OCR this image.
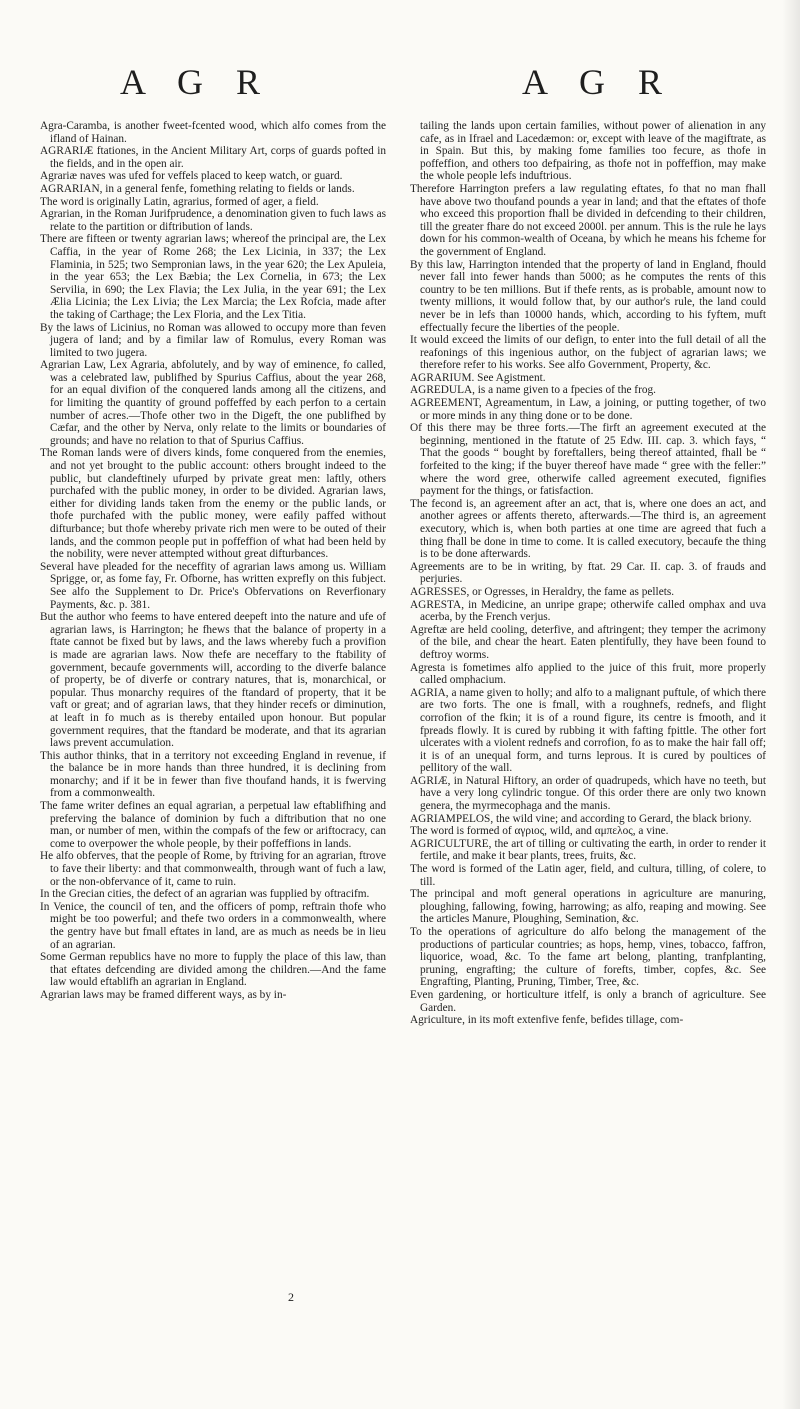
A G R	A G R

Agra-Caramba, is another fweet-fcented wood, which alfo comes from the ifland of Hainan.

AGRARIÆ ftationes, in the Ancient Military Art, corps of guards pofted in the fields, and in the open air.

Agrariæ naves was ufed for veffels placed to keep watch, or guard.

AGRARIAN, in a general fenfe, fomething relating to fields or lands.

The word is originally Latin, agrarius, formed of ager, a field.

Agrarian, in the Roman Jurifprudence, a denomination given to fuch laws as relate to the partition or diftribution of lands.

There are fifteen or twenty agrarian laws; whereof the principal are, the Lex Caffia, in the year of Rome 268; the Lex Licinia, in 337; the Lex Flaminia, in 525; two Sempronian laws, in the year 620; the Lex Apuleia, in the year 653; the Lex Bæbia; the Lex Cornelia, in 673; the Lex Servilia, in 690; the Lex Flavia; the Lex Julia, in the year 691; the Lex Ælia Licinia; the Lex Livia; the Lex Marcia; the Lex Rofcia, made after the taking of Carthage; the Lex Floria, and the Lex Titia.

By the laws of Licinius, no Roman was allowed to occupy more than feven jugera of land; and by a fimilar law of Romulus, every Roman was limited to two jugera.

Agrarian Law, Lex Agraria, abfolutely, and by way of eminence, fo called, was a celebrated law, publifhed by Spurius Caffius, about the year 268, for an equal divifion of the conquered lands among all the citizens, and for limiting the quantity of ground poffeffed by each perfon to a certain number of acres.—Thofe other two in the Digeft, the one publifhed by Cæfar, and the other by Nerva, only relate to the limits or boundaries of grounds; and have no relation to that of Spurius Caffius.

The Roman lands were of divers kinds, fome conquered from the enemies, and not yet brought to the public account: others brought indeed to the public, but clandeftinely ufurped by private great men: laftly, others purchafed with the public money, in order to be divided. Agrarian laws, either for dividing lands taken from the enemy or the public lands, or thofe purchafed with the public money, were eafily paffed without difturbance; but thofe whereby private rich men were to be outed of their lands, and the common people put in poffeffion of what had been held by the nobility, were never attempted without great difturbances.

Several have pleaded for the neceffity of agrarian laws among us. William Sprigge, or, as fome fay, Fr. Ofborne, has written exprefly on this fubject. See alfo the Supplement to Dr. Price's Obfervations on Reverfionary Payments, &c. p. 381.

But the author who feems to have entered deepeft into the nature and ufe of agrarian laws, is Harrington; he fhews that the balance of property in a ftate cannot be fixed but by laws, and the laws whereby fuch a provifion is made are agrarian laws. Now thefe are neceffary to the ftability of government, becaufe governments will, according to the diverfe balance of property, be of diverfe or contrary natures, that is, monarchical, or popular. Thus monarchy requires of the ftandard of property, that it be vaft or great; and of agrarian laws, that they hinder recefs or diminution, at leaft in fo much as is thereby entailed upon honour. But popular government requires, that the ftandard be moderate, and that its agrarian laws prevent accumulation.

This author thinks, that in a territory not exceeding England in revenue, if the balance be in more hands than three hundred, it is declining from monarchy; and if it be in fewer than five thoufand hands, it is fwerving from a commonwealth.

The fame writer defines an equal agrarian, a perpetual law eftablifhing and preferving the balance of dominion by fuch a diftribution that no one man, or number of men, within the compafs of the few or ariftocracy, can come to overpower the whole people, by their poffeffions in lands.

He alfo obferves, that the people of Rome, by ftriving for an agrarian, ftrove to fave their liberty: and that commonwealth, through want of fuch a law, or the non-obfervance of it, came to ruin.

In the Grecian cities, the defect of an agrarian was fupplied by oftracifm.

In Venice, the council of ten, and the officers of pomp, reftrain thofe who might be too powerful; and thefe two orders in a commonwealth, where the gentry have but fmall eftates in land, are as much as needs be in lieu of an agrarian.

Some German republics have no more to fupply the place of this law, than that eftates defcending are divided among the children.—And the fame law would eftablifh an agrarian in England.

Agrarian laws may be framed different ways, as by in-

tailing the lands upon certain families, without power of alienation in any cafe, as in Ifrael and Lacedæmon: or, except with leave of the magiftrate, as in Spain. But this, by making fome families too fecure, as thofe in poffeffion, and others too defpairing, as thofe not in poffeffion, may make the whole people lefs induftrious.

Therefore Harrington prefers a law regulating eftates, fo that no man fhall have above two thoufand pounds a year in land; and that the eftates of thofe who exceed this proportion fhall be divided in defcending to their children, till the greater fhare do not exceed 2000l. per annum. This is the rule he lays down for his common-wealth of Oceana, by which he means his fcheme for the government of England.

By this law, Harrington intended that the property of land in England, fhould never fall into fewer hands than 5000; as he computes the rents of this country to be ten millions. But if thefe rents, as is probable, amount now to twenty millions, it would follow that, by our author's rule, the land could never be in lefs than 10000 hands, which, according to his fyftem, muft effectually fecure the liberties of the people.

It would exceed the limits of our defign, to enter into the full detail of all the reafonings of this ingenious author, on the fubject of agrarian laws; we therefore refer to his works. See alfo Government, Property, &c.

AGRARIUM. See Agistment.

AGREDULA, is a name given to a fpecies of the frog.

AGREEMENT, Agreamentum, in Law, a joining, or putting together, of two or more minds in any thing done or to be done.

Of this there may be three forts.—The firft an agreement executed at the beginning, mentioned in the ftatute of 25 Edw. III. cap. 3. which fays, “ That the goods “ bought by foreftallers, being thereof attainted, fhall be “ forfeited to the king; if the buyer thereof have made “ gree with the feller:” where the word gree, otherwife called agreement executed, fignifies payment for the things, or fatisfaction.

The fecond is, an agreement after an act, that is, where one does an act, and another agrees or affents thereto, afterwards.—The third is, an agreement executory, which is, when both parties at one time are agreed that fuch a thing fhall be done in time to come. It is called executory, becaufe the thing is to be done afterwards.

Agreements are to be in writing, by ftat. 29 Car. II. cap. 3. of frauds and perjuries.

AGRESSES, or Ogresses, in Heraldry, the fame as pellets.

AGRESTA, in Medicine, an unripe grape; otherwife called omphax and uva acerba, by the French verjus.

Agreftæ are held cooling, deterfive, and aftringent; they temper the acrimony of the bile, and chear the heart. Eaten plentifully, they have been found to deftroy worms.

Agresta is fometimes alfo applied to the juice of this fruit, more properly called omphacium.

AGRIA, a name given to holly; and alfo to a malignant puftule, of which there are two forts. The one is fmall, with a roughnefs, rednefs, and flight corrofion of the fkin; it is of a round figure, its centre is fmooth, and it fpreads flowly. It is cured by rubbing it with fafting fpittle. The other fort ulcerates with a violent rednefs and corrofion, fo as to make the hair fall off; it is of an unequal form, and turns leprous. It is cured by poultices of pellitory of the wall.

AGRIÆ, in Natural Hiftory, an order of quadrupeds, which have no teeth, but have a very long cylindric tongue. Of this order there are only two known genera, the myrmecophaga and the manis.

AGRIAMPELOS, the wild vine; and according to Gerard, the black briony.

The word is formed of αγριος, wild, and αμπελος, a vine.

AGRICULTURE, the art of tilling or cultivating the earth, in order to render it fertile, and make it bear plants, trees, fruits, &c.

The word is formed of the Latin ager, field, and cultura, tilling, of colere, to till.

The principal and moft general operations in agriculture are manuring, ploughing, fallowing, fowing, harrowing; as alfo, reaping and mowing. See the articles Manure, Ploughing, Semination, &c.

To the operations of agriculture do alfo belong the management of the productions of particular countries; as hops, hemp, vines, tobacco, faffron, liquorice, woad, &c. To the fame art belong, planting, tranfplanting, pruning, engrafting; the culture of forefts, timber, copfes, &c. See Engrafting, Planting, Pruning, Timber, Tree, &c.

Even gardening, or horticulture itfelf, is only a branch of agriculture. See Garden.

Agriculture, in its moft extenfive fenfe, befides tillage, com-

2
